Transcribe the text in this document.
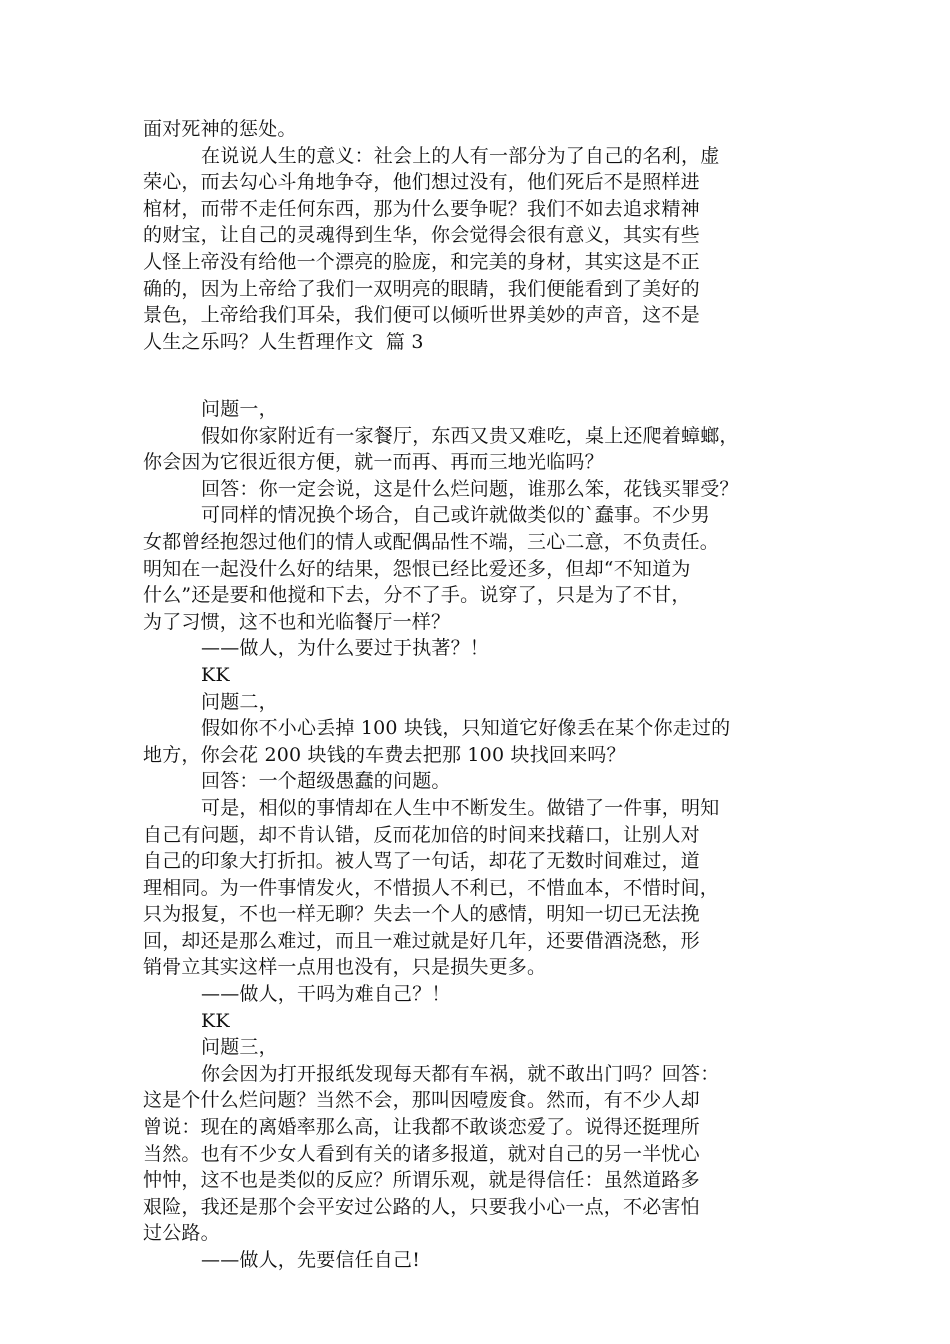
面对死神的惩处。
在说说人生的意义：社会上的人有一部分为了自己的名利，虚
荣心，而去勾心斗角地争夺，他们想过没有，他们死后不是照样进
棺材，而带不走任何东西，那为什么要争呢？我们不如去追求精神
的财宝，让自己的灵魂得到生华，你会觉得会很有意义，其实有些
人怪上帝没有给他一个漂亮的脸庞，和完美的身材，其实这是不正
确的，因为上帝给了我们一双明亮的眼睛，我们便能看到了美好的
景色，上帝给我们耳朵，我们便可以倾听世界美妙的声音，这不是
人生之乐吗？人生哲理作文  篇 3
问题一，
假如你家附近有一家餐厅，东西又贵又难吃，桌上还爬着蟑螂，
你会因为它很近很方便，就一而再、再而三地光临吗？
回答：你一定会说，这是什么烂问题，谁那么笨，花钱买罪受？
可同样的情况换个场合，自己或许就做类似的`蠢事。不少男
女都曾经抱怨过他们的情人或配偶品性不端，三心二意，不负责任。
明知在一起没什么好的结果，怨恨已经比爱还多，但却“不知道为
什么”还是要和他搅和下去，分不了手。说穿了，只是为了不甘，
为了习惯，这不也和光临餐厅一样？
——做人，为什么要过于执著？！
KK
问题二，
假如你不小心丢掉 100 块钱，只知道它好像丢在某个你走过的
地方，你会花 200 块钱的车费去把那 100 块找回来吗？
回答：一个超级愚蠢的问题。
可是，相似的事情却在人生中不断发生。做错了一件事，明知
自己有问题，却不肯认错，反而花加倍的时间来找藉口，让别人对
自己的印象大打折扣。被人骂了一句话，却花了无数时间难过，道
理相同。为一件事情发火，不惜损人不利已，不惜血本，不惜时间，
只为报复，不也一样无聊？失去一个人的感情，明知一切已无法挽
回，却还是那么难过，而且一难过就是好几年，还要借酒浇愁，形
销骨立其实这样一点用也没有，只是损失更多。
——做人，干吗为难自己？！
KK
问题三，
你会因为打开报纸发现每天都有车祸，就不敢出门吗？回答：
这是个什么烂问题？当然不会，那叫因噎废食。然而，有不少人却
曾说：现在的离婚率那么高，让我都不敢谈恋爱了。说得还挺理所
当然。也有不少女人看到有关的诸多报道，就对自己的另一半忧心
忡忡，这不也是类似的反应？所谓乐观，就是得信任：虽然道路多
艰险，我还是那个会平安过公路的人，只要我小心一点，不必害怕
过公路。
——做人，先要信任自己!
